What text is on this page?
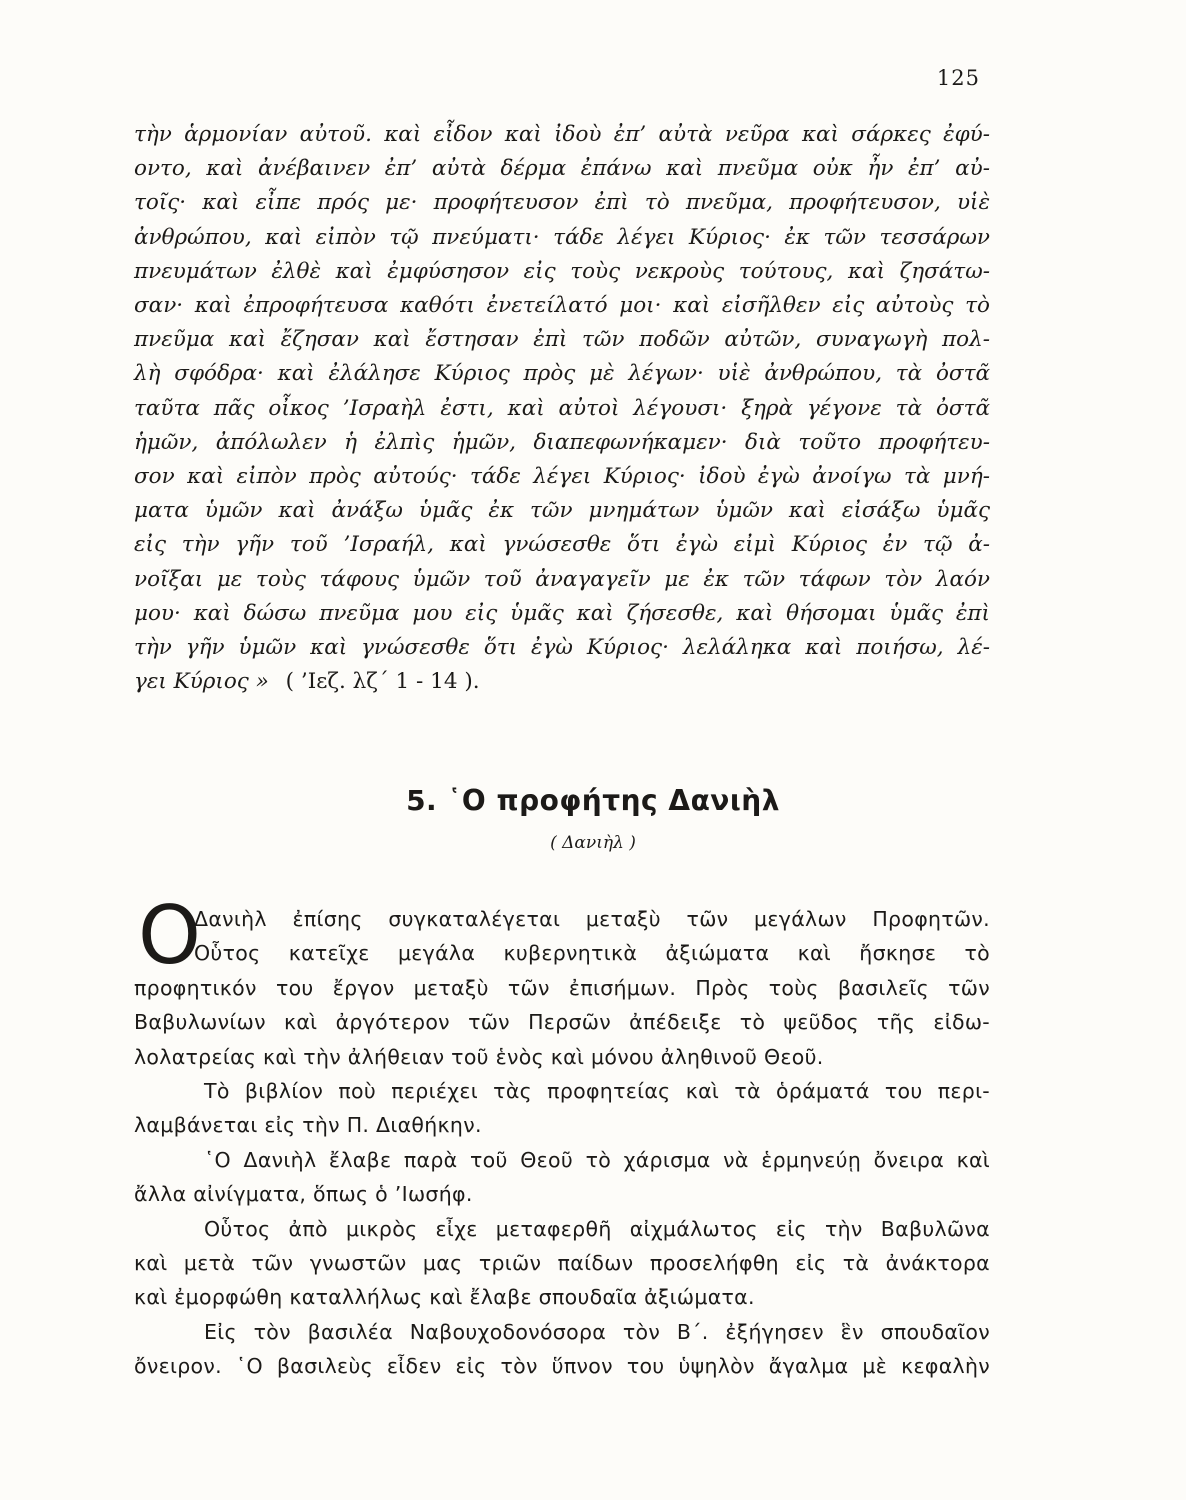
125
τὴν ἁρμονίαν αὐτοῦ. καὶ εἶδον καὶ ἰδοὺ ἐπ’ αὐτὰ νεῦρα καὶ σάρκες ἐφύ-
οντο, καὶ ἀνέβαινεν ἐπ’ αὐτὰ δέρμα ἐπάνω καὶ πνεῦμα οὐκ ἦν ἐπ’ αὐ-
τοῖς· καὶ εἶπε πρός με· προφήτευσον ἐπὶ τὸ πνεῦμα, προφήτευσον, υἱὲ
ἀνθρώπου, καὶ εἰπὸν τῷ πνεύματι· τάδε λέγει Κύριος· ἐκ τῶν τεσσάρων
πνευμάτων ἐλθὲ καὶ ἐμφύσησον εἰς τοὺς νεκροὺς τούτους, καὶ ζησάτω-
σαν· καὶ ἐπροφήτευσα καθότι ἐνετείλατό μοι· καὶ εἰσῆλθεν εἰς αὐτοὺς τὸ
πνεῦμα καὶ ἔζησαν καὶ ἔστησαν ἐπὶ τῶν ποδῶν αὐτῶν, συναγωγὴ πολ-
λὴ σφόδρα· καὶ ἐλάλησε Κύριος πρὸς μὲ λέγων· υἱὲ ἀνθρώπου, τὰ ὀστᾶ
ταῦτα πᾶς οἶκος ’Ισραὴλ ἐστι, καὶ αὐτοὶ λέγουσι· ξηρὰ γέγονε τὰ ὀστᾶ
ἡμῶν, ἀπόλωλεν ἡ ἐλπὶς ἡμῶν, διαπεφωνήκαμεν· διὰ τοῦτο προφήτευ-
σον καὶ εἰπὸν πρὸς αὐτούς· τάδε λέγει Κύριος· ἰδοὺ ἐγὼ ἀνοίγω τὰ μνή-
ματα ὑμῶν καὶ ἀνάξω ὑμᾶς ἐκ τῶν μνημάτων ὑμῶν καὶ εἰσάξω ὑμᾶς
εἰς τὴν γῆν τοῦ ’Ισραήλ, καὶ γνώσεσθε ὅτι ἐγὼ εἰμὶ Κύριος ἐν τῷ ἀ-
νοῖξαι με τοὺς τάφους ὑμῶν τοῦ ἀναγαγεῖν με ἐκ τῶν τάφων τὸν λαόν
μου· καὶ δώσω πνεῦμα μου εἰς ὑμᾶς καὶ ζήσεσθε, καὶ θήσομαι ὑμᾶς ἐπὶ
τὴν γῆν ὑμῶν καὶ γνώσεσθε ὅτι ἐγὼ Κύριος· λελάληκα καὶ ποιήσω, λέ-
γει Κύριος » ( ’Ιεζ. λζ΄ 1 - 14 ).
5. ῾Ο προφήτης Δανιὴλ
( Δανιὴλ )
Ο
Δανιὴλ ἐπίσης συγκαταλέγεται μεταξὺ τῶν μεγάλων Προφητῶν.
Οὗτος κατεῖχε μεγάλα κυβερνητικὰ ἀξιώματα καὶ ἤσκησε τὸ
προφητικόν του ἔργον μεταξὺ τῶν ἐπισήμων. Πρὸς τοὺς βασιλεῖς τῶν
Βαβυλωνίων καὶ ἀργότερον τῶν Περσῶν ἀπέδειξε τὸ ψεῦδος τῆς εἰδω-
λολατρείας καὶ τὴν ἀλήθειαν τοῦ ἑνὸς καὶ μόνου ἀληθινοῦ Θεοῦ.
Τὸ βιβλίον ποὺ περιέχει τὰς προφητείας καὶ τὰ ὁράματά του περι-
λαμβάνεται εἰς τὴν Π. Διαθήκην.
῾Ο Δανιὴλ ἔλαβε παρὰ τοῦ Θεοῦ τὸ χάρισμα νὰ ἑρμηνεύῃ ὄνειρα καὶ
ἄλλα αἰνίγματα, ὅπως ὁ ’Ιωσήφ.
Οὗτος ἀπὸ μικρὸς εἶχε μεταφερθῆ αἰχμάλωτος εἰς τὴν Βαβυλῶνα
καὶ μετὰ τῶν γνωστῶν μας τριῶν παίδων προσελήφθη εἰς τὰ ἀνάκτορα
καὶ ἐμορφώθη καταλλήλως καὶ ἔλαβε σπουδαῖα ἀξιώματα.
Εἰς τὸν βασιλέα Ναβουχοδονόσορα τὸν Β΄. ἐξήγησεν ἓν σπουδαῖον
ὄνειρον. ῾Ο βασιλεὺς εἶδεν εἰς τὸν ὕπνον του ὑψηλὸν ἄγαλμα μὲ κεφαλὴν
